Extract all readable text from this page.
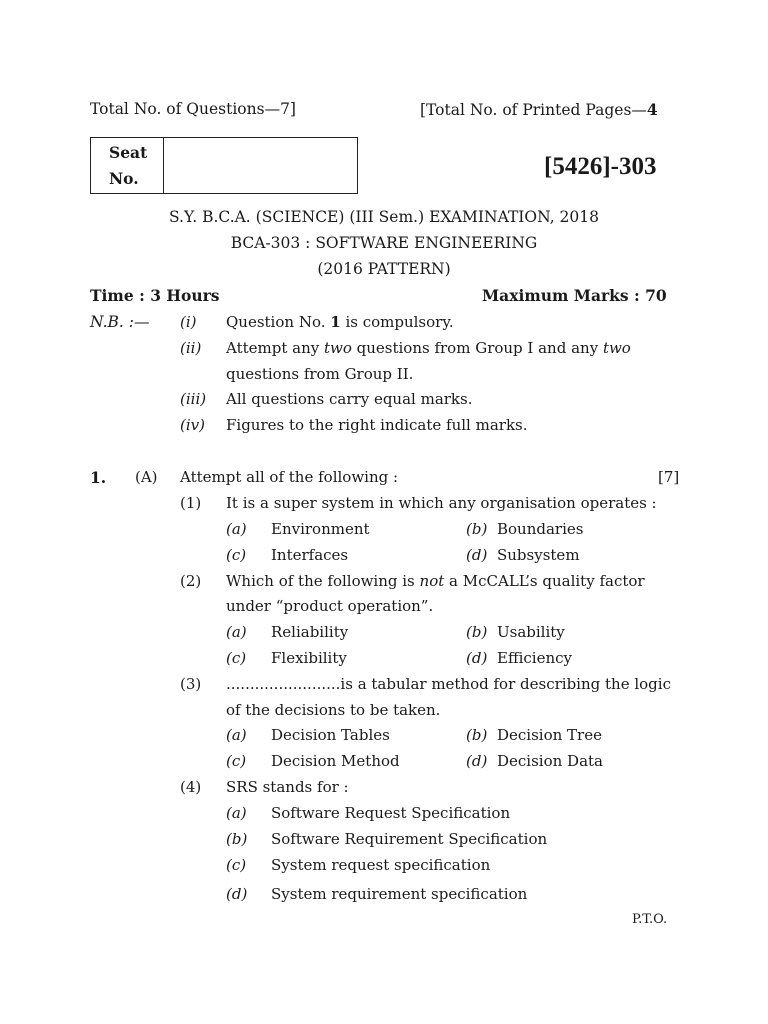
Total No. of Questions—7]	[Total No. of Printed Pages—4
Seat
No.	[5426]-303
S.Y. B.C.A. (SCIENCE) (III Sem.) EXAMINATION, 2018
BCA-303 : SOFTWARE ENGINEERING
(2016 PATTERN)
Time : 3 Hours	Maximum Marks : 70
N.B. :— (i) Question No. 1 is compulsory.
(ii) Attempt any two questions from Group I and any two
questions from Group II.
(iii) All questions carry equal marks.
(iv) Figures to the right indicate full marks.
1. (A) Attempt all of the following :	[7]
(1) It is a super system in which any organisation operates :
(a) Environment	(b) Boundaries
(c) Interfaces	(d) Subsystem
(2) Which of the following is not a McCALL’s quality factor
under “product operation”.
(a) Reliability	(b) Usability
(c) Flexibility	(d) Efficiency
(3) ........................is a tabular method for describing the logic
of the decisions to be taken.
(a) Decision Tables	(b) Decision Tree
(c) Decision Method	(d) Decision Data
(4) SRS stands for :
(a) Software Request Specification
(b) Software Requirement Specification
(c) System request specification
(d) System requirement specification
P.T.O.
